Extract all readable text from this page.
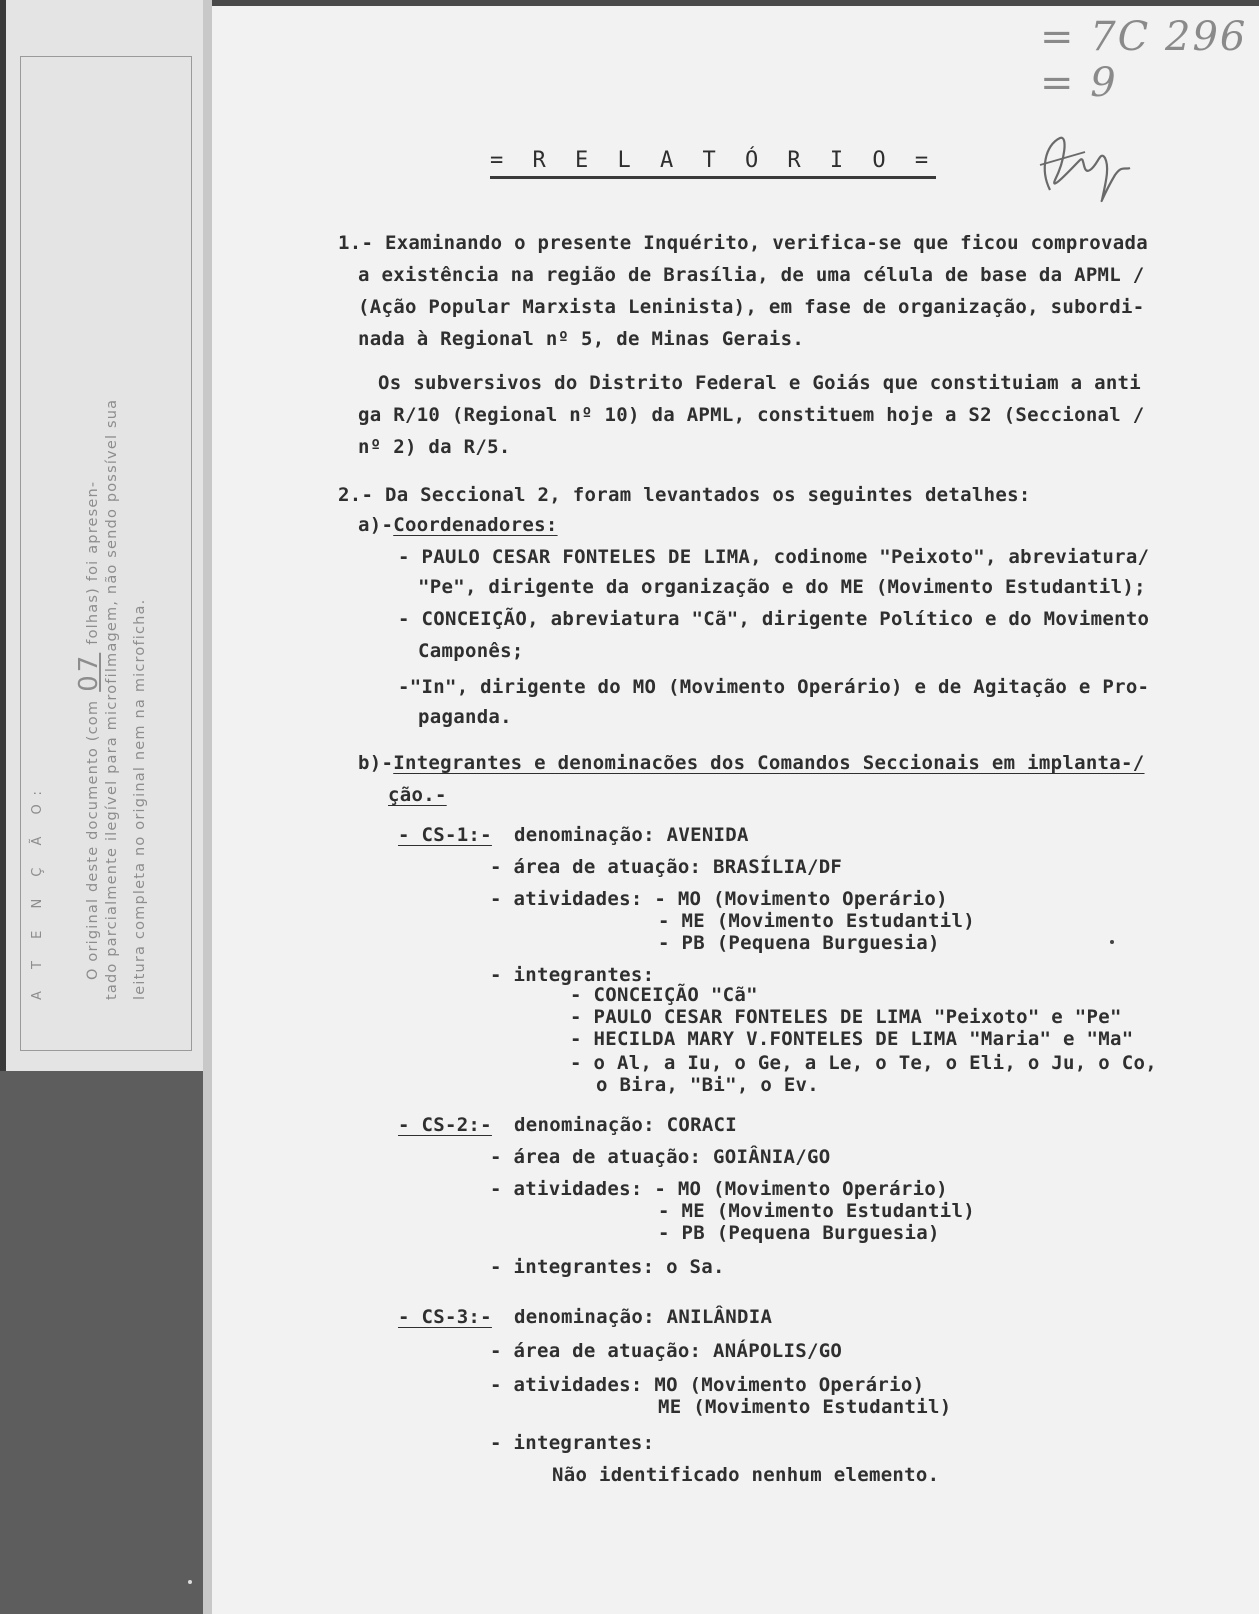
A T E N Ç Ã O:	O original deste documento (com07folhas) foi apresen- tado parcialmente ilegível para microfilmagem, não sendo possível sua leitura completa no original nem na microficha.
= 7C 296 = 9
= R E L A T Ó R I O =
1.- Examinando o presente Inquérito, verifica-se que ficou comprovada
a existência na região de Brasília, de uma célula de base da APML /
(Ação Popular Marxista Leninista), em fase de organização, subordi-
nada à Regional nº 5, de Minas Gerais.
Os subversivos do Distrito Federal e Goiás que constituiam a anti
ga R/10 (Regional nº 10) da APML, constituem hoje a S2 (Seccional /
nº 2) da R/5.
2.- Da Seccional 2, foram levantados os seguintes detalhes:
a)-Coordenadores:
- PAULO CESAR FONTELES DE LIMA, codinome "Peixoto", abreviatura/
"Pe", dirigente da organização e do ME (Movimento Estudantil);
- CONCEIÇÃO, abreviatura "Cã", dirigente Político e do Movimento
Camponês;
-"In", dirigente do MO (Movimento Operário) e de Agitação e Pro-
paganda.
b)-Integrantes e denominacões dos Comandos Seccionais em implanta-/
ção.-
- CS-1:- denominação: AVENIDA
- área de atuação: BRASÍLIA/DF
- atividades: - MO (Movimento Operário)
- ME (Movimento Estudantil)
- PB (Pequena Burguesia)
- integrantes:
- CONCEIÇÃO "Cã"
- PAULO CESAR FONTELES DE LIMA "Peixoto" e "Pe"
- HECILDA MARY V.FONTELES DE LIMA "Maria" e "Ma"
- o Al, a Iu, o Ge, a Le, o Te, o Eli, o Ju, o Co,
o Bira, "Bi", o Ev.
- CS-2:- denominação: CORACI
- área de atuação: GOIÂNIA/GO
- atividades: - MO (Movimento Operário)
- ME (Movimento Estudantil)
- PB (Pequena Burguesia)
- integrantes: o Sa.
- CS-3:- denominação: ANILÂNDIA
- área de atuação: ANÁPOLIS/GO
- atividades: MO (Movimento Operário)
ME (Movimento Estudantil)
- integrantes:
Não identificado nenhum elemento.
